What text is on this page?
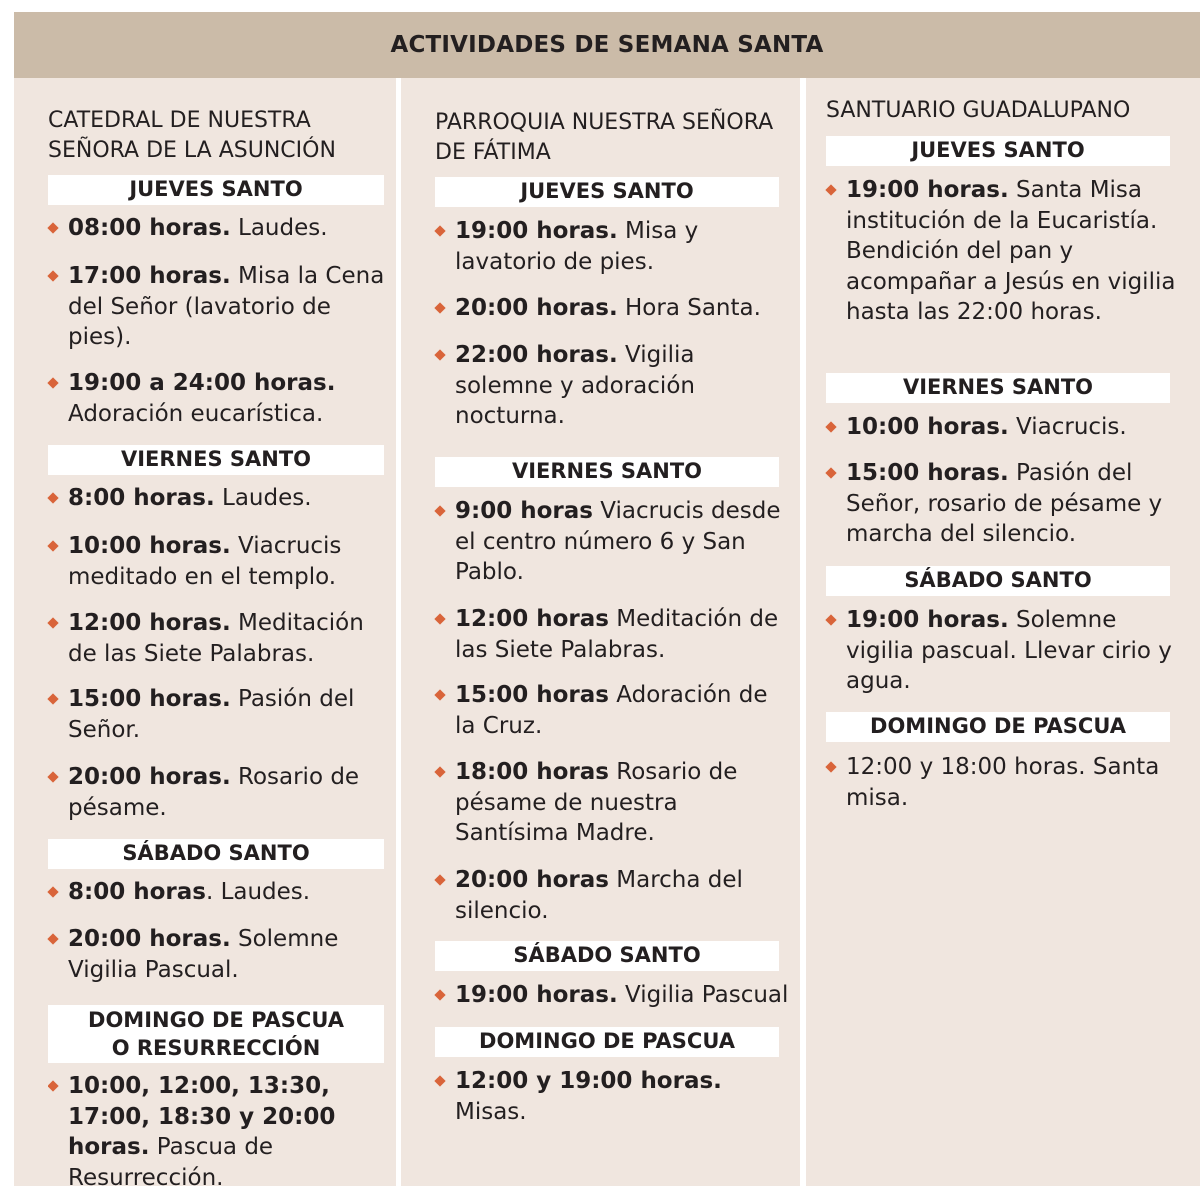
ACTIVIDADES DE SEMANA SANTA
CATEDRAL DE NUESTRA
SEÑORA DE LA ASUNCIÓN
JUEVES SANTO
08:00 horas. Laudes.
17:00 horas. Misa la Cena del Señor (lavatorio de pies).
19:00 a 24:00 horas. Adoración eucarística.
VIERNES SANTO
8:00 horas. Laudes.
10:00 horas. Viacrucis meditado en el templo.
12:00 horas. Meditación de las Siete Palabras.
15:00 horas. Pasión del Señor.
20:00 horas. Rosario de pésame.
SÁBADO SANTO
8:00 horas. Laudes.
20:00 horas. Solemne Vigilia Pascual.
DOMINGO DE PASCUA
O RESURRECCIÓN
10:00, 12:00, 13:30, 17:00, 18:30 y 20:00 horas. Pascua de Resurrección.
PARROQUIA NUESTRA SEÑORA
DE FÁTIMA
JUEVES SANTO
19:00 horas. Misa y lavatorio de pies.
20:00 horas. Hora Santa.
22:00 horas. Vigilia solemne y adoración nocturna.
VIERNES SANTO
9:00 horas Viacrucis desde el centro número 6 y San Pablo.
12:00 horas Meditación de las Siete Palabras.
15:00 horas Adoración de la Cruz.
18:00 horas Rosario de pésame de nuestra Santísima Madre.
20:00 horas Marcha del silencio.
SÁBADO SANTO
19:00 horas. Vigilia Pascual
DOMINGO DE PASCUA
12:00 y 19:00 horas. Misas.
SANTUARIO GUADALUPANO
JUEVES SANTO
19:00 horas. Santa Misa institución de la Eucaristía. Bendición del pan y acompañar a Jesús en vigilia hasta las 22:00 horas.
VIERNES SANTO
10:00 horas. Viacrucis.
15:00 horas. Pasión del Señor, rosario de pésame y marcha del silencio.
SÁBADO SANTO
19:00 horas. Solemne vigilia pascual. Llevar cirio y agua.
DOMINGO DE PASCUA
12:00 y 18:00 horas. Santa misa.
